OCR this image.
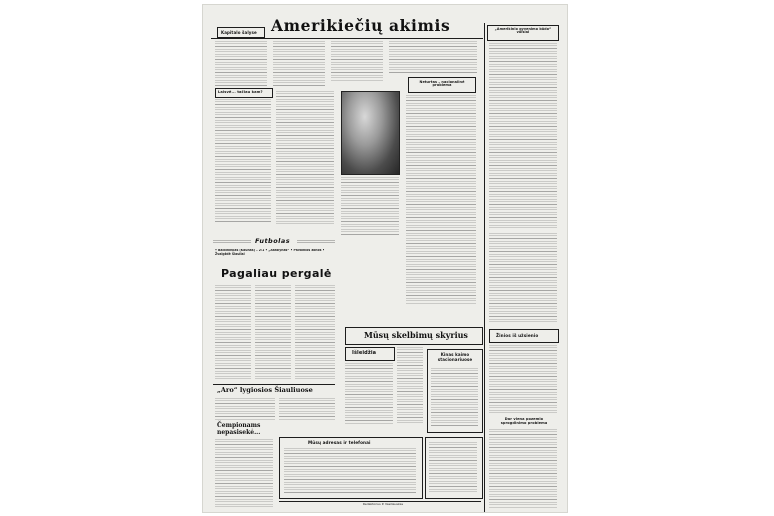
Kapitalo šalyse Amerikiečių akimis	„Amerikinio gyvenimo būdo“ vaisiai
Laisvė... tačiau kam?
Neturtas – nacionalinė problema
Futbolas
• Baldininkas (Kaunas) – 2:1 • „Atžalynas“ • Pavolnios zonos • Žvaigždė Šiauliai
Pagaliau pergalė
„Aro“ lygiosios Šiauliuose
Čempionams nepasisekė...
Mūsų skelbimų skyrius
Išleidžia	Kinas kaimo stacionariuose
Mūsų adresas ir telefonai
Redaktorius P. Vasiliauskas
Žinios iš užsienio
Dar viena pozemio sprogdinimo problema
